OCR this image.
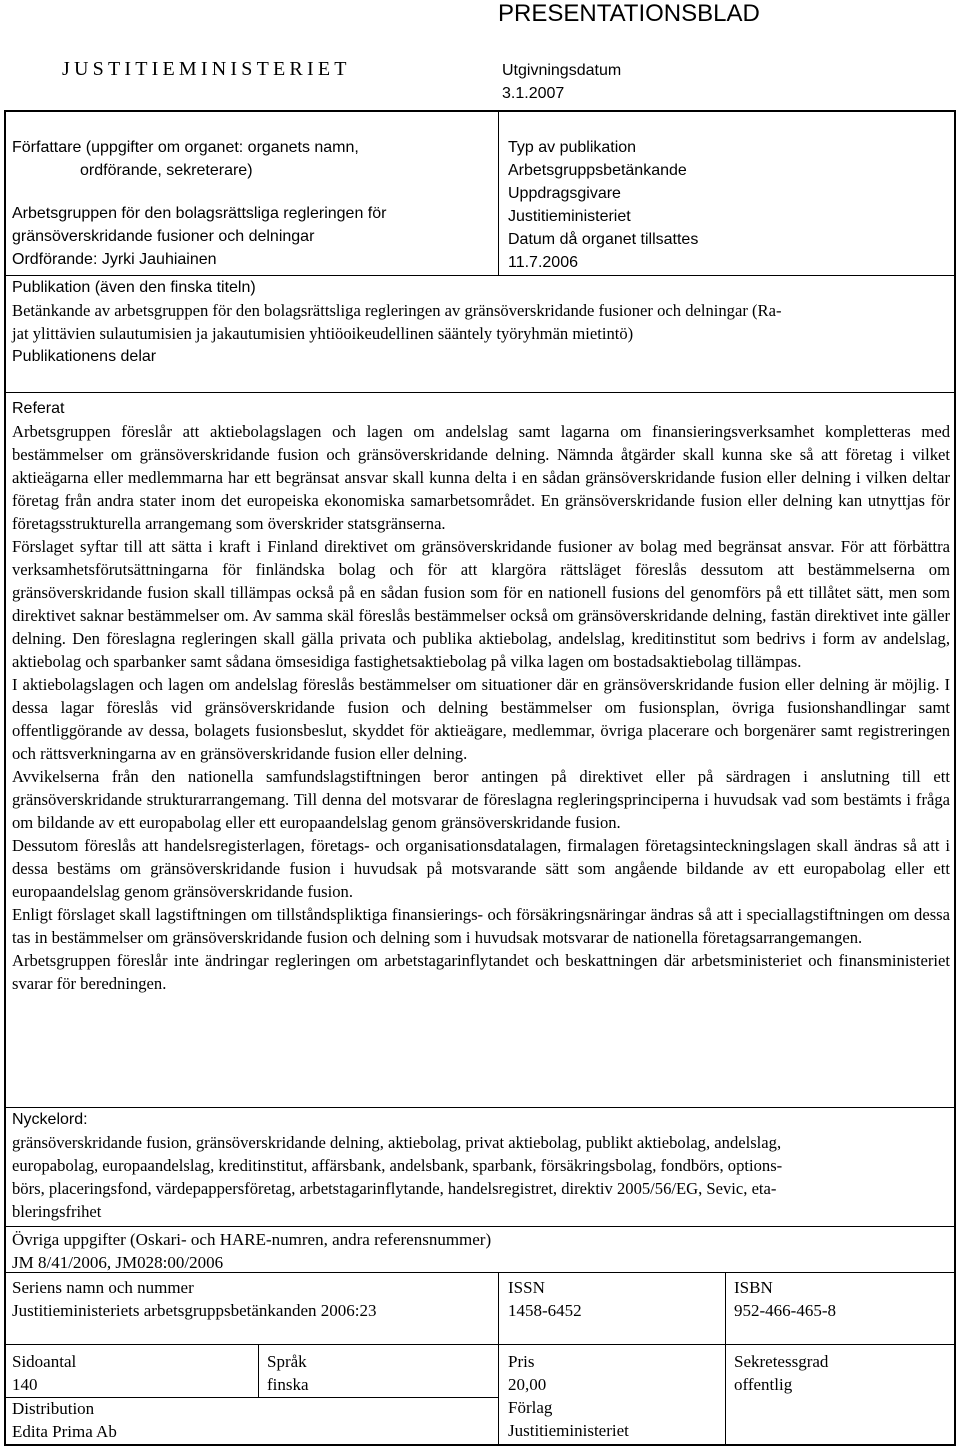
JUSTITIEMINISTERIET
PRESENTATIONSBLAD
Utgivningsdatum
3.1.2007
Författare (uppgifter om organet: organets namn,
ordförande, sekreterare)
Arbetsgruppen för den bolagsrättsliga regleringen för
gränsöverskridande fusioner och delningar
Ordförande: Jyrki Jauhiainen
Typ av publikation
Arbetsgruppsbetänkande
Uppdragsgivare
Justitieministeriet
Datum då organet tillsattes
11.7.2006
Publikation (även den finska titeln)
Betänkande av arbetsgruppen för den bolagsrättsliga regleringen av gränsöverskridande fusioner och delningar (Ra-
jat ylittävien sulautumisien ja jakautumisien yhtiöoikeudellinen sääntely työryhmän mietintö)
Publikationens delar
Referat

Arbetsgruppen föreslår att aktiebolagslagen och lagen om andelslag samt lagarna om finansieringsverksamhet kompletteras med bestämmelser om gränsöverskridande fusion och gränsöverskridande delning. Nämnda åtgärder skall kunna ske så att företag i vilket aktieägarna eller medlemmarna har ett begränsat ansvar skall kunna delta i en sådan gränsöverskridande fusion eller delning i vilken deltar företag från andra stater inom det europeiska ekonomiska samarbetsområdet. En gränsöverskridande fusion eller delning kan utnyttjas för företagsstrukturella arrangemang som överskrider statsgränserna.

Förslaget syftar till att sätta i kraft i Finland direktivet om gränsöverskridande fusioner av bolag med begränsat ansvar. För att förbättra verksamhetsförutsättningarna för finländska bolag och för att klargöra rättsläget föreslås dessutom att bestämmelserna om gränsöverskridande fusion skall tillämpas också på en sådan fusion som för en nationell fusions del genomförs på ett tillåtet sätt, men som direktivet saknar bestämmelser om. Av samma skäl föreslås bestämmelser också om gränsöverskridande delning, fastän direktivet inte gäller delning. Den föreslagna regleringen skall gälla privata och publika aktiebolag, andelslag, kreditinstitut som bedrivs i form av andelslag, aktiebolag och sparbanker samt sådana ömsesidiga fastighetsaktiebolag på vilka lagen om bostadsaktiebolag tillämpas.

I aktiebolagslagen och lagen om andelslag föreslås bestämmelser om situationer där en gränsöverskridande fusion eller delning är möjlig. I dessa lagar föreslås vid gränsöverskridande fusion och delning bestämmelser om fusionsplan, övriga fusionshandlingar samt offentliggörande av dessa, bolagets fusionsbeslut, skyddet för aktieägare, medlemmar, övriga placerare och borgenärer samt registreringen och rättsverkningarna av en gränsöverskridande fusion eller delning.

Avvikelserna från den nationella samfundslagstiftningen beror antingen på direktivet eller på särdragen i anslutning till ett gränsöverskridande strukturarrangemang. Till denna del motsvarar de föreslagna regleringsprinciperna i huvudsak vad som bestämts i fråga om bildande av ett europabolag eller ett europaandelslag genom gränsöverskridande fusion.

Dessutom föreslås att handelsregisterlagen, företags- och organisationsdatalagen, firmalagen företagsinteckningslagen skall ändras så att i dessa bestäms om gränsöverskridande fusion i huvudsak på motsvarande sätt som angående bildande av ett europabolag eller ett europaandelslag genom gränsöverskridande fusion.

Enligt förslaget skall lagstiftningen om tillståndspliktiga finansierings- och försäkringsnäringar ändras så att i speciallagstiftningen om dessa tas in bestämmelser om gränsöverskridande fusion och delning som i huvudsak motsvarar de nationella företagsarrangemangen.

Arbetsgruppen föreslår inte ändringar regleringen om arbetstagarinflytandet och beskattningen där arbetsministeriet och finansministeriet svarar för beredningen.

Nyckelord:
gränsöverskridande fusion, gränsöverskridande delning, aktiebolag, privat aktiebolag, publikt aktiebolag, andelslag,
europabolag, europaandelslag, kreditinstitut, affärsbank, andelsbank, sparbank, försäkringsbolag, fondbörs, options-
börs, placeringsfond, värdepappersföretag, arbetstagarinflytande, handelsregistret, direktiv 2005/56/EG, Sevic, eta-
bleringsfrihet
Övriga uppgifter (Oskari- och HARE-numren, andra referensnummer)
JM 8/41/2006, JM028:00/2006
Seriens namn och nummer
Justitieministeriets arbetsgruppsbetänkanden 2006:23
ISSN
1458-6452
ISBN
952-466-465-8
Sidoantal
140
Språk
finska
Pris
20,00
Förlag
Justitieministeriet
Sekretessgrad
offentlig
Distribution
Edita Prima Ab
